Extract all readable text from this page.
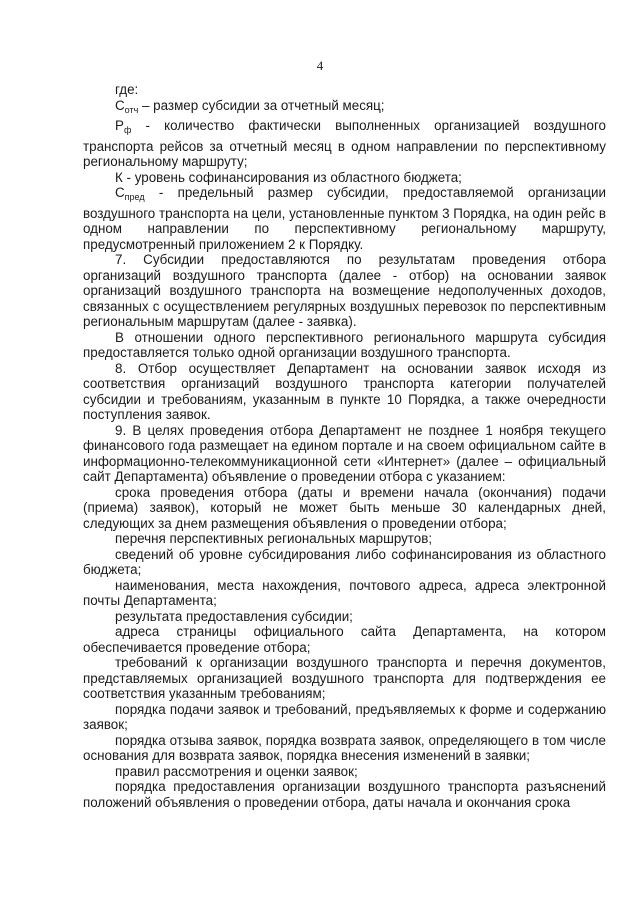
4

где:

$С_{отч}$ – размер субсидии за отчетный месяц;

$Р_ф$ - количество фактически выполненных организацией воздушного транспорта рейсов за отчетный месяц в одном направлении по перспективному региональному маршруту;

К - уровень софинансирования из областного бюджета;

$С_{пред}$ - предельный размер субсидии, предоставляемой организации воздушного транспорта на цели, установленные пунктом 3 Порядка, на один рейс в одном направлении по перспективному региональному маршруту, предусмотренный приложением 2 к Порядку.

7. Субсидии предоставляются по результатам проведения отбора организаций воздушного транспорта (далее - отбор) на основании заявок организаций воздушного транспорта на возмещение недополученных доходов, связанных с осуществлением регулярных воздушных перевозок по перспективным региональным маршрутам (далее - заявка).

В отношении одного перспективного регионального маршрута субсидия предоставляется только одной организации воздушного транспорта.

8. Отбор осуществляет Департамент на основании заявок исходя из соответствия организаций воздушного транспорта категории получателей субсидии и требованиям, указанным в пункте 10 Порядка, а также очередности поступления заявок.

9. В целях проведения отбора Департамент не позднее 1 ноября текущего финансового года размещает на едином портале и на своем официальном сайте в информационно-телекоммуникационной сети «Интернет» (далее – официальный сайт Департамента) объявление о проведении отбора с указанием:

срока проведения отбора (даты и времени начала (окончания) подачи (приема) заявок), который не может быть меньше 30 календарных дней, следующих за днем размещения объявления о проведении отбора;

перечня перспективных региональных маршрутов;

сведений об уровне субсидирования либо софинансирования из областного бюджета;

наименования, места нахождения, почтового адреса, адреса электронной почты Департамента;

результата предоставления субсидии;

адреса страницы официального сайта Департамента, на котором обеспечивается проведение отбора;

требований к организации воздушного транспорта и перечня документов, представляемых организацией воздушного транспорта для подтверждения ее соответствия указанным требованиям;

порядка подачи заявок и требований, предъявляемых к форме и содержанию заявок;

порядка отзыва заявок, порядка возврата заявок, определяющего в том числе основания для возврата заявок, порядка внесения изменений в заявки;

правил рассмотрения и оценки заявок;

порядка предоставления организации воздушного транспорта разъяснений положений объявления о проведении отбора, даты начала и окончания срока
